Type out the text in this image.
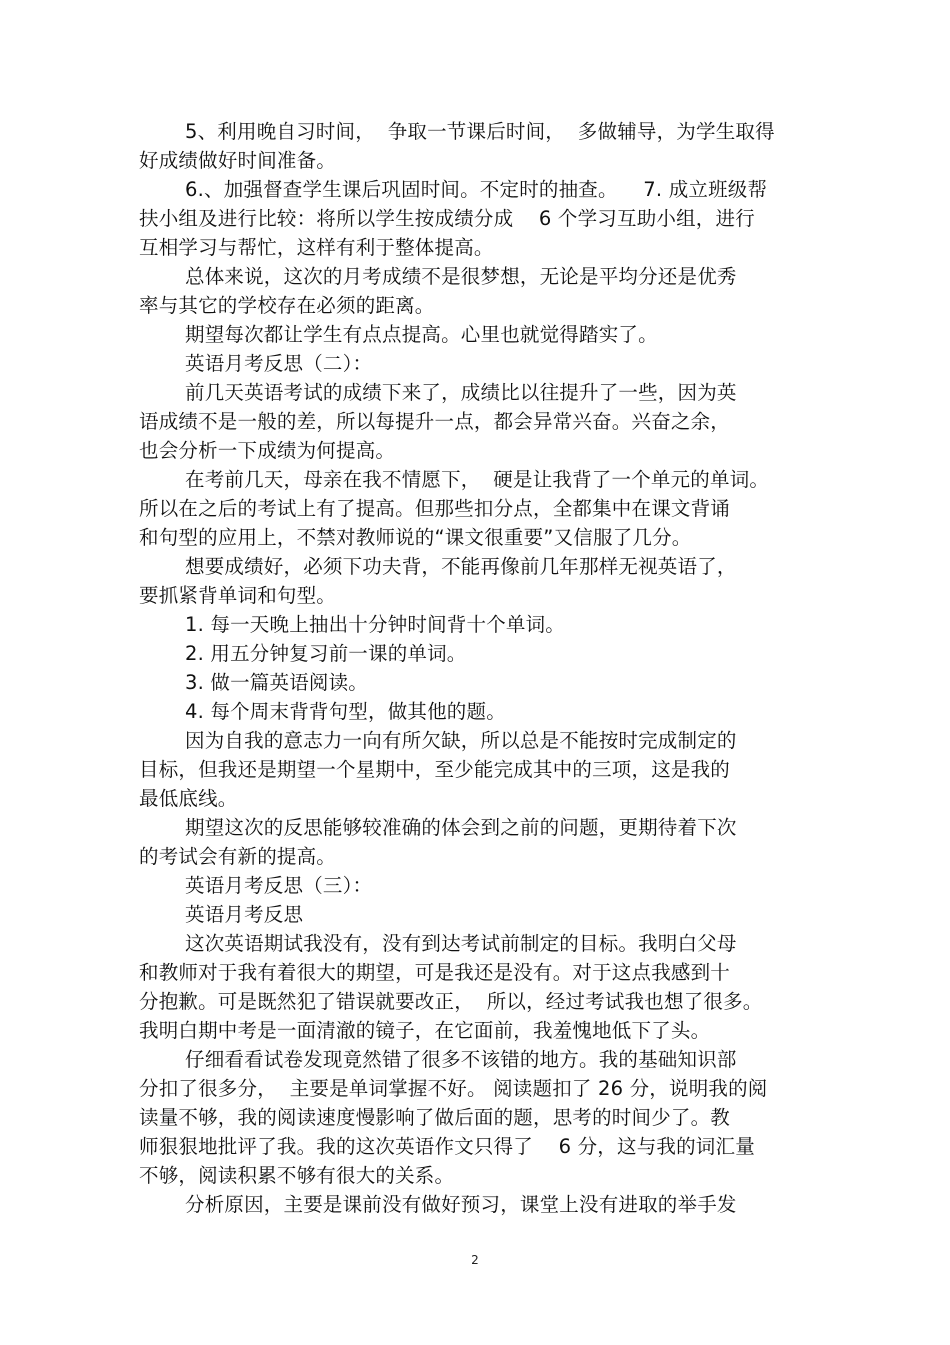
5、利用晚自习时间，  争取一节课后时间，  多做辅导，为学生取得
好成绩做好时间准备。
6.、加强督查学生课后巩固时间。不定时的抽查。    7. 成立班级帮
扶小组及进行比较：将所以学生按成绩分成    6 个学习互助小组，进行
互相学习与帮忙，这样有利于整体提高。
总体来说，这次的月考成绩不是很梦想，无论是平均分还是优秀
率与其它的学校存在必须的距离。
期望每次都让学生有点点提高。心里也就觉得踏实了。
英语月考反思（二）：
前几天英语考试的成绩下来了，成绩比以往提升了一些，因为英
语成绩不是一般的差，所以每提升一点，都会异常兴奋。兴奋之余，
也会分析一下成绩为何提高。
在考前几天，母亲在我不情愿下，  硬是让我背了一个单元的单词。
所以在之后的考试上有了提高。但那些扣分点，全都集中在课文背诵
和句型的应用上，不禁对教师说的“课文很重要”又信服了几分。
想要成绩好，必须下功夫背，不能再像前几年那样无视英语了，
要抓紧背单词和句型。
1. 每一天晚上抽出十分钟时间背十个单词。
2. 用五分钟复习前一课的单词。
3. 做一篇英语阅读。
4. 每个周末背背句型，做其他的题。
因为自我的意志力一向有所欠缺，所以总是不能按时完成制定的
目标，但我还是期望一个星期中，至少能完成其中的三项，这是我的
最低底线。
期望这次的反思能够较准确的体会到之前的问题，更期待着下次
的考试会有新的提高。
英语月考反思（三）：
英语月考反思
这次英语期试我没有，没有到达考试前制定的目标。我明白父母
和教师对于我有着很大的期望，可是我还是没有。对于这点我感到十
分抱歉。可是既然犯了错误就要改正，  所以，经过考试我也想了很多。
我明白期中考是一面清澈的镜子，在它面前，我羞愧地低下了头。
仔细看看试卷发现竟然错了很多不该错的地方。我的基础知识部
分扣了很多分，  主要是单词掌握不好。 阅读题扣了 26 分，说明我的阅
读量不够，我的阅读速度慢影响了做后面的题，思考的时间少了。教
师狠狠地批评了我。我的这次英语作文只得了    6 分，这与我的词汇量
不够，阅读积累不够有很大的关系。
分析原因，主要是课前没有做好预习，课堂上没有进取的举手发
2
